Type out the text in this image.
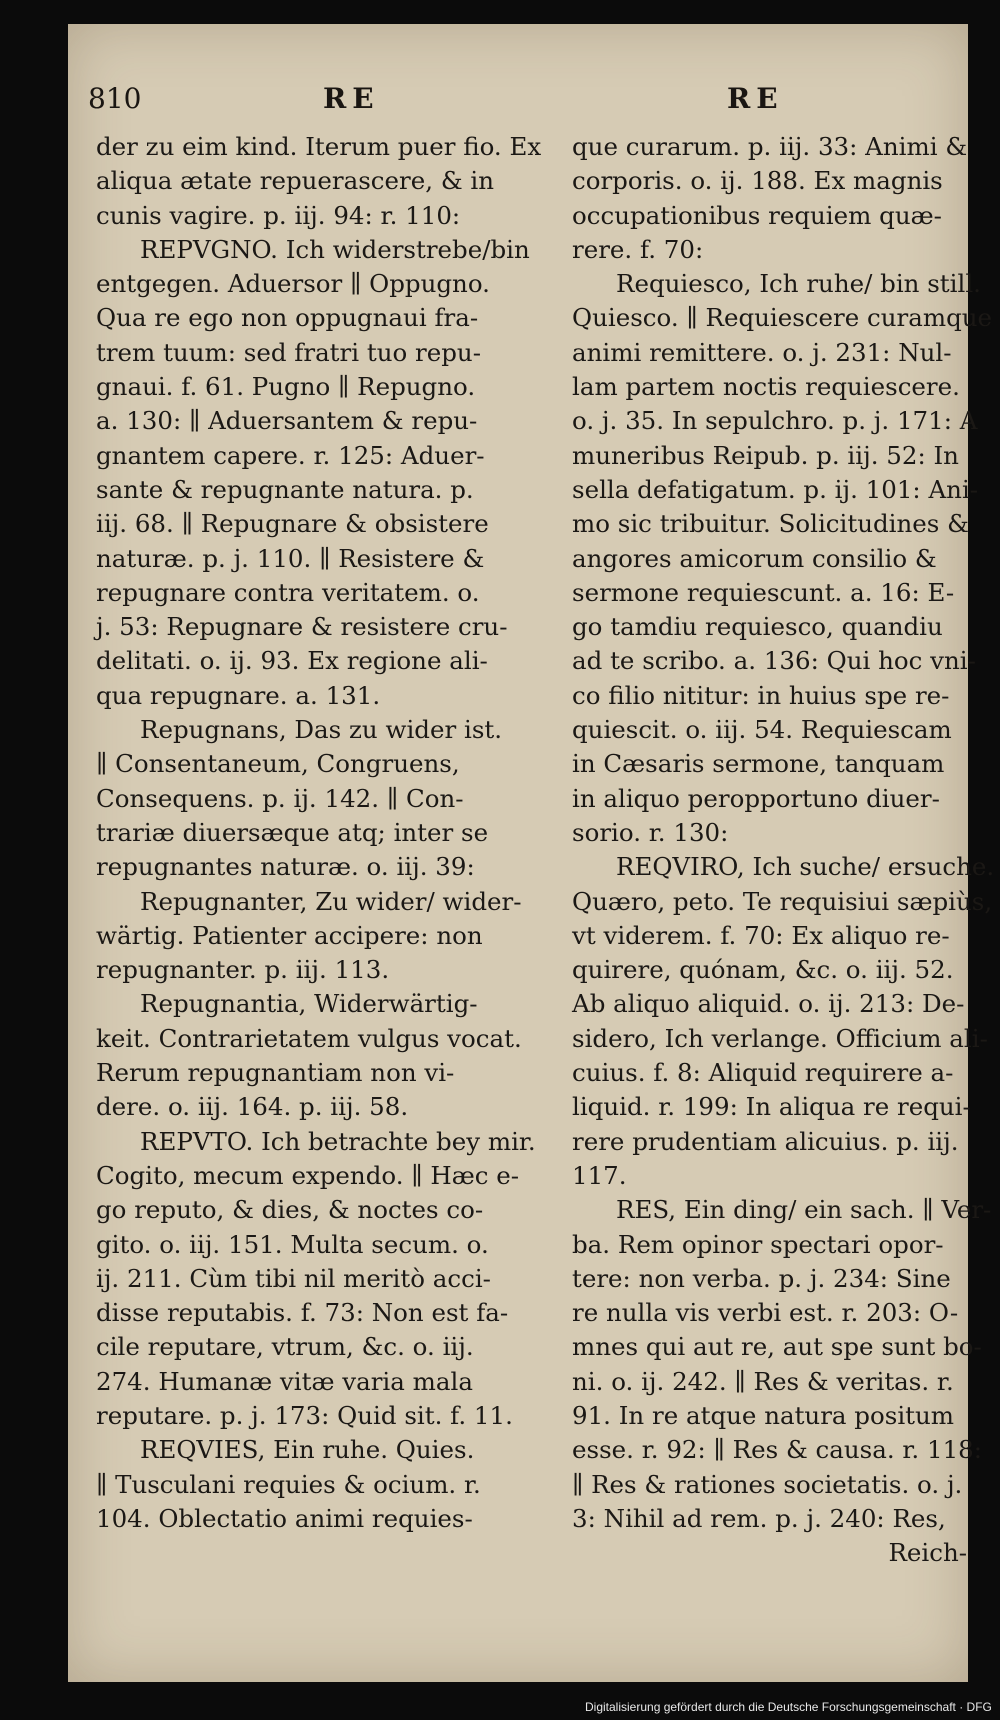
810	RE	RE
der zu eim kind. Iterum puer fio. Ex
aliqua ætate repuerascere, & in
cunis vagire. p. iij. 94: r. 110:
REPVGNO. Ich widerstrebe/bin
entgegen. Aduersor ∥ Oppugno.
Qua re ego non oppugnaui fra-
trem tuum: sed fratri tuo repu-
gnaui. f. 61. Pugno ∥ Repugno.
a. 130: ∥ Aduersantem & repu-
gnantem capere. r. 125: Aduer-
sante & repugnante natura. p.
iij. 68. ∥ Repugnare & obsistere
naturæ. p. j. 110. ∥ Resistere &
repugnare contra veritatem. o.
j. 53: Repugnare & resistere cru-
delitati. o. ij. 93. Ex regione ali-
qua repugnare. a. 131.
Repugnans, Das zu wider ist.
∥ Consentaneum, Congruens,
Consequens. p. ij. 142. ∥ Con-
trariæ diuersæque atq; inter se
repugnantes naturæ. o. iij. 39:
Repugnanter, Zu wider/ wider-
wärtig. Patienter accipere: non
repugnanter. p. iij. 113.
Repugnantia, Widerwärtig-
keit. Contrarietatem vulgus vocat.
Rerum repugnantiam non vi-
dere. o. iij. 164. p. iij. 58.
REPVTO. Ich betrachte bey mir.
Cogito, mecum expendo. ∥ Hæc e-
go reputo, & dies, & noctes co-
gito. o. iij. 151. Multa secum. o.
ij. 211. Cùm tibi nil meritò acci-
disse reputabis. f. 73: Non est fa-
cile reputare, vtrum, &c. o. iij.
274. Humanæ vitæ varia mala
reputare. p. j. 173: Quid sit. f. 11.
REQVIES, Ein ruhe. Quies.
∥ Tusculani requies & ocium. r.
104. Oblectatio animi requies-
que curarum. p. iij. 33: Animi &
corporis. o. ij. 188. Ex magnis
occupationibus requiem quæ-
rere. f. 70:
Requiesco, Ich ruhe/ bin still.
Quiesco. ∥ Requiescere curamque
animi remittere. o. j. 231: Nul-
lam partem noctis requiescere.
o. j. 35. In sepulchro. p. j. 171: A
muneribus Reipub. p. iij. 52: In
sella defatigatum. p. ij. 101: Ani-
mo sic tribuitur. Solicitudines &
angores amicorum consilio &
sermone requiescunt. a. 16: E-
go tamdiu requiesco, quandiu
ad te scribo. a. 136: Qui hoc vni-
co filio nititur: in huius spe re-
quiescit. o. iij. 54. Requiescam
in Cæsaris sermone, tanquam
in aliquo peropportuno diuer-
sorio. r. 130:
REQVIRO, Ich suche/ ersuche.
Quæro, peto. Te requisiui sæpiùs,
vt viderem. f. 70: Ex aliquo re-
quirere, quónam, &c. o. iij. 52.
Ab aliquo aliquid. o. ij. 213: De-
sidero, Ich verlange. Officium ali-
cuius. f. 8: Aliquid requirere a-
liquid. r. 199: In aliqua re requi-
rere prudentiam alicuius. p. iij.
117.
RES, Ein ding/ ein sach. ∥ Ver-
ba. Rem opinor spectari opor-
tere: non verba. p. j. 234: Sine
re nulla vis verbi est. r. 203: O-
mnes qui aut re, aut spe sunt bo-
ni. o. ij. 242. ∥ Res & veritas. r.
91. In re atque natura positum
esse. r. 92: ∥ Res & causa. r. 118:
∥ Res & rationes societatis. o. j.
3: Nihil ad rem. p. j. 240: Res,
Reich-
Digitalisierung gefördert durch die Deutsche Forschungsgemeinschaft · DFG
